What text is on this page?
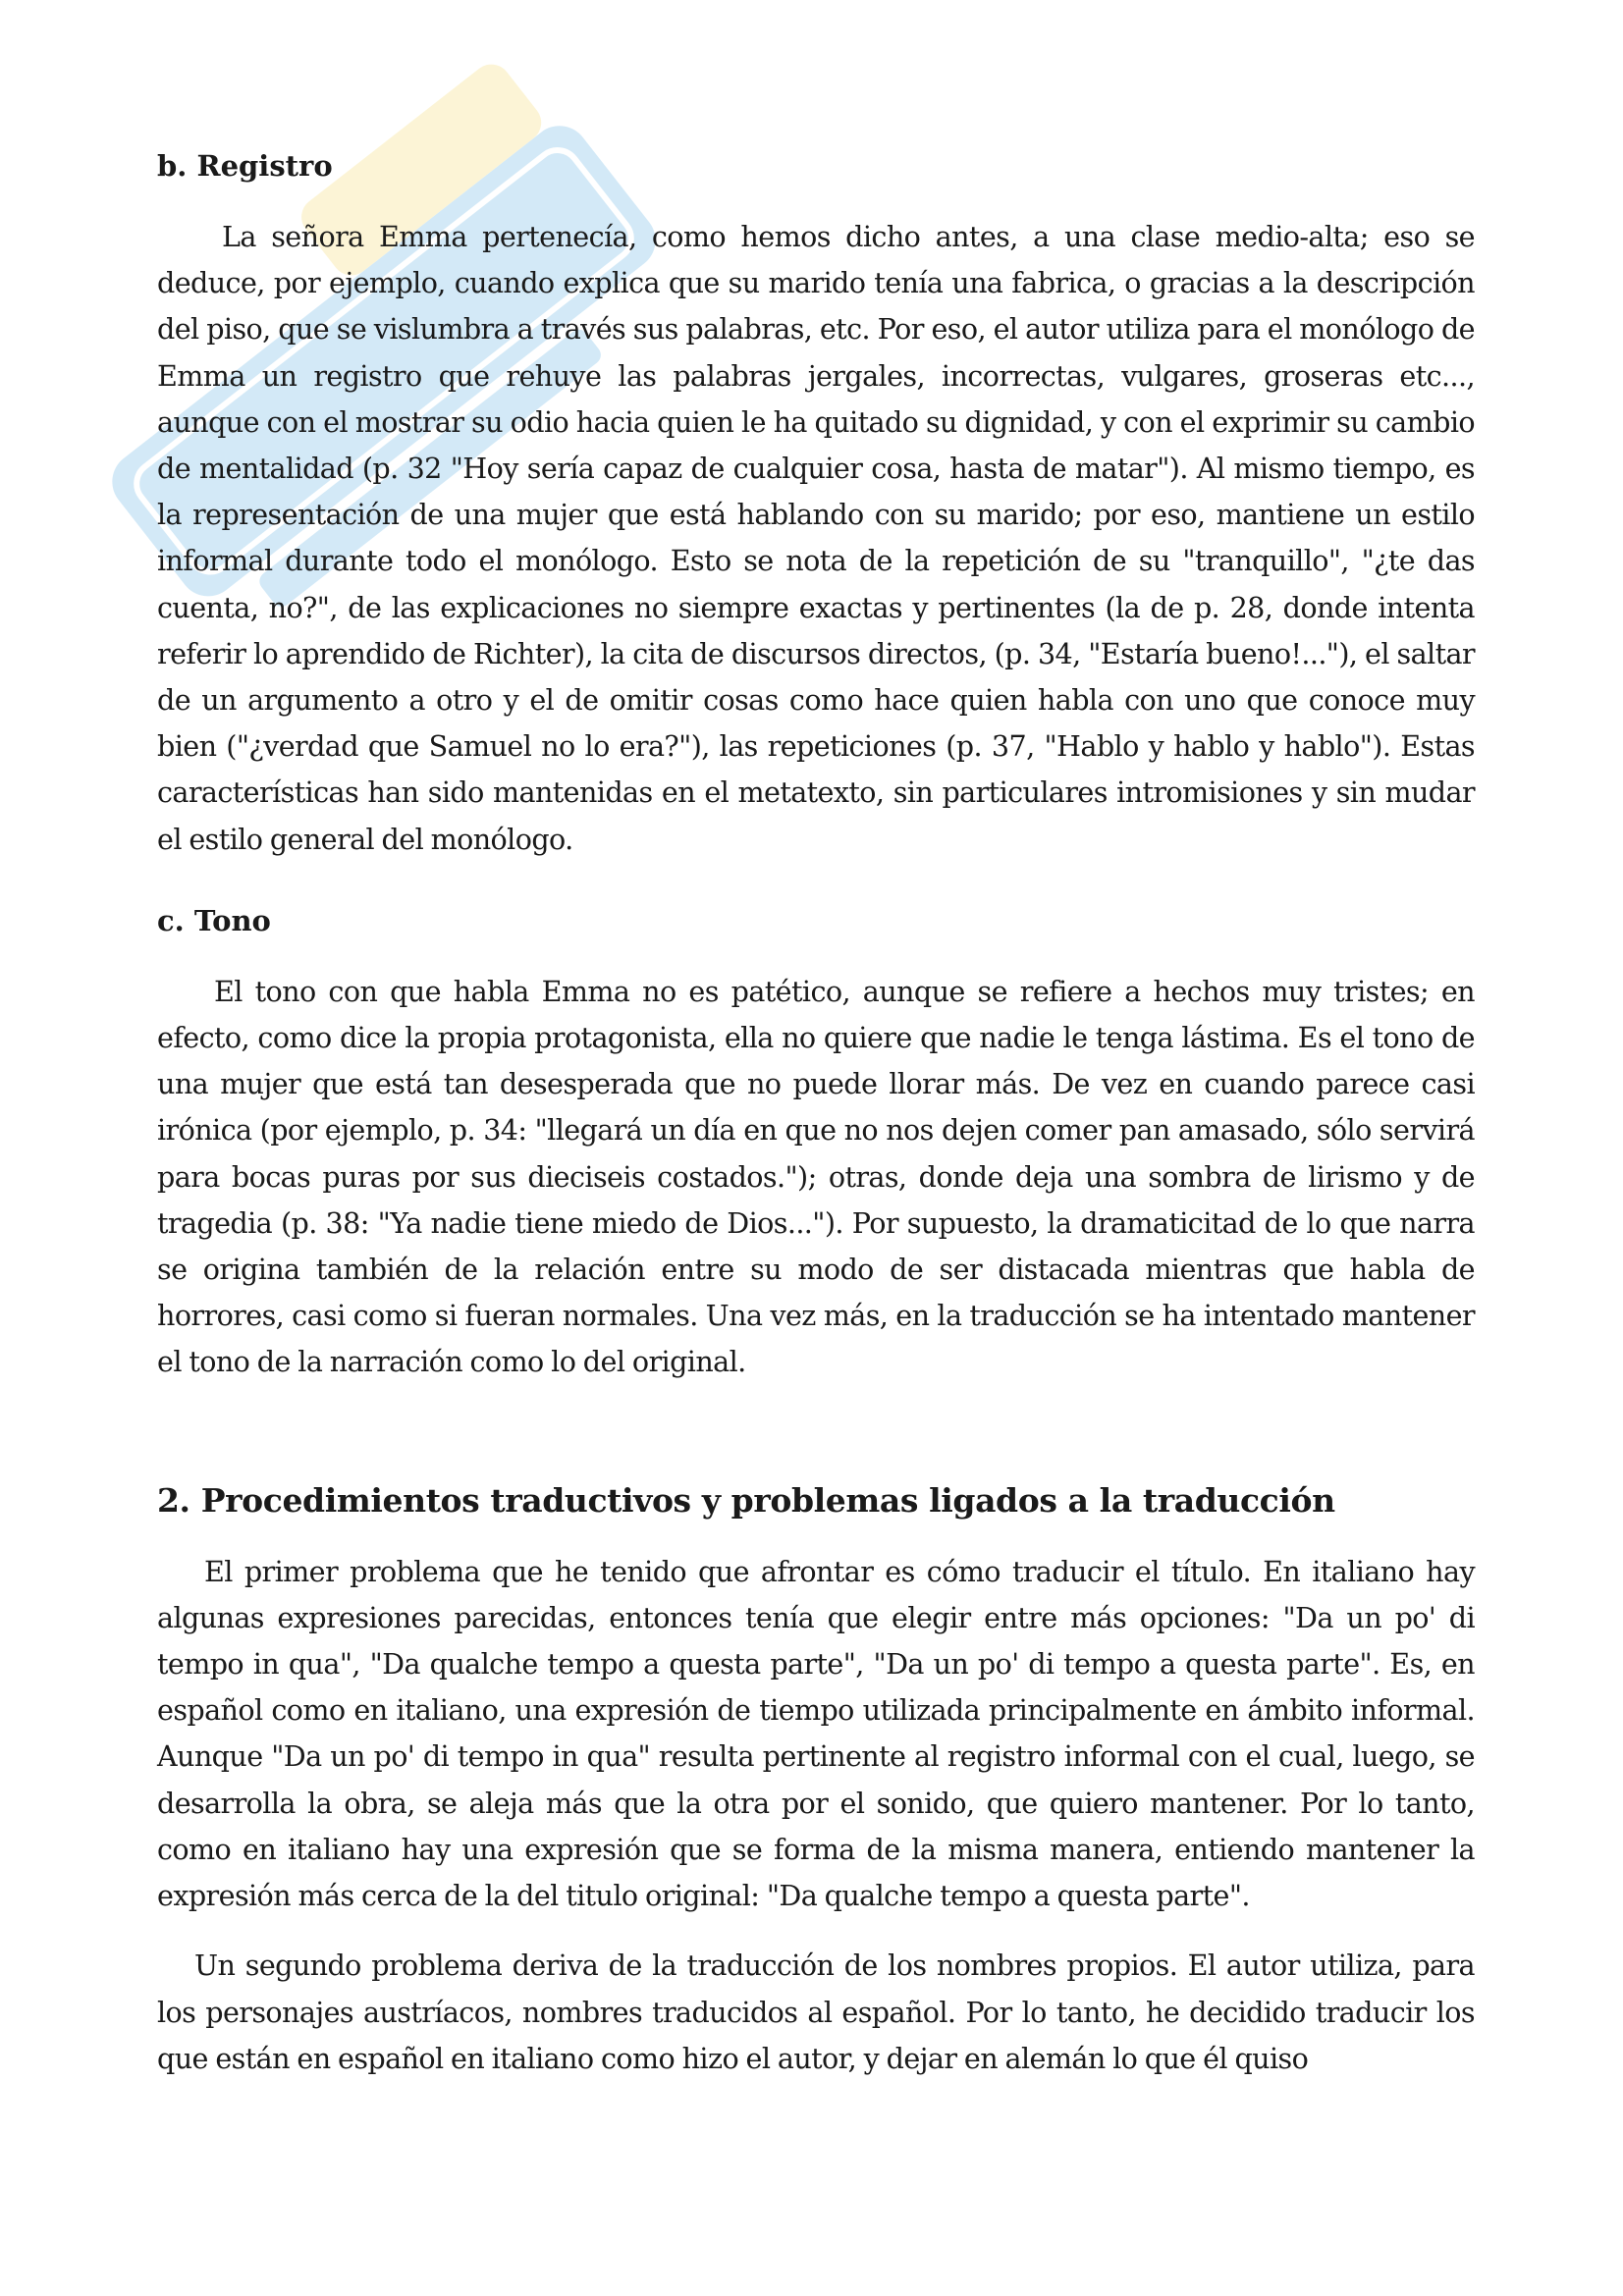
b. Registro

La señora Emma pertenecía, como hemos dicho antes, a una clase medio-alta; eso se deduce, por ejemplo, cuando explica que su marido tenía una fabrica, o gracias a la descripción del piso, que se vislumbra a través sus palabras, etc. Por eso, el autor utiliza para el monólogo de Emma un registro que rehuye las palabras jergales, incorrectas, vulgares, groseras etc..., aunque con el mostrar su odio hacia quien le ha quitado su dignidad, y con el exprimir su cambio de mentalidad (p. 32 "Hoy sería capaz de cualquier cosa, hasta de matar"). Al mismo tiempo, es la representación de una mujer que está hablando con su marido; por eso, mantiene un estilo informal durante todo el monólogo. Esto se nota de la repetición de su "tranquillo", "¿te das cuenta, no?", de las explicaciones no siempre exactas y pertinentes (la de p. 28, donde intenta referir lo aprendido de Richter), la cita de discursos directos, (p. 34, "Estaría bueno!..."), el saltar de un argumento a otro y el de omitir cosas como hace quien habla con uno que conoce muy bien ("¿verdad que Samuel no lo era?"), las repeticiones (p. 37, "Hablo y hablo y hablo"). Estas características han sido mantenidas en el metatexto, sin particulares intromisiones y sin mudar el estilo general del monólogo.

c. Tono

El tono con que habla Emma no es patético, aunque se refiere a hechos muy tristes; en efecto, como dice la propia protagonista, ella no quiere que nadie le tenga lástima. Es el tono de una mujer que está tan desesperada que no puede llorar más. De vez en cuando parece casi irónica (por ejemplo, p. 34: "llegará un día en que no nos dejen comer pan amasado, sólo servirá para bocas puras por sus dieciseis costados."); otras, donde deja una sombra de lirismo y de tragedia (p. 38: "Ya nadie tiene miedo de Dios..."). Por supuesto, la dramaticitad de lo que narra se origina también de la relación entre su modo de ser distacada mientras que habla de horrores, casi como si fueran normales. Una vez más, en la traducción se ha intentado mantener el tono de la narración como lo del original.

2. Procedimientos traductivos y problemas ligados a la traducción

El primer problema que he tenido que afrontar es cómo traducir el título. En italiano hay algunas expresiones parecidas, entonces tenía que elegir entre más opciones: "Da un po' di tempo in qua", "Da qualche tempo a questa parte", "Da un po' di tempo a questa parte". Es, en español como en italiano, una expresión de tiempo utilizada principalmente en ámbito informal. Aunque "Da un po' di tempo in qua" resulta pertinente al registro informal con el cual, luego, se desarrolla la obra, se aleja más que la otra por el sonido, que quiero mantener. Por lo tanto, como en italiano hay una expresión que se forma de la misma manera, entiendo mantener la expresión más cerca de la del titulo original: "Da qualche tempo a questa parte".

Un segundo problema deriva de la traducción de los nombres propios. El autor utiliza, para los personajes austríacos, nombres traducidos al español. Por lo tanto, he decidido traducir los que están en español en italiano como hizo el autor, y dejar en alemán lo que él quiso
